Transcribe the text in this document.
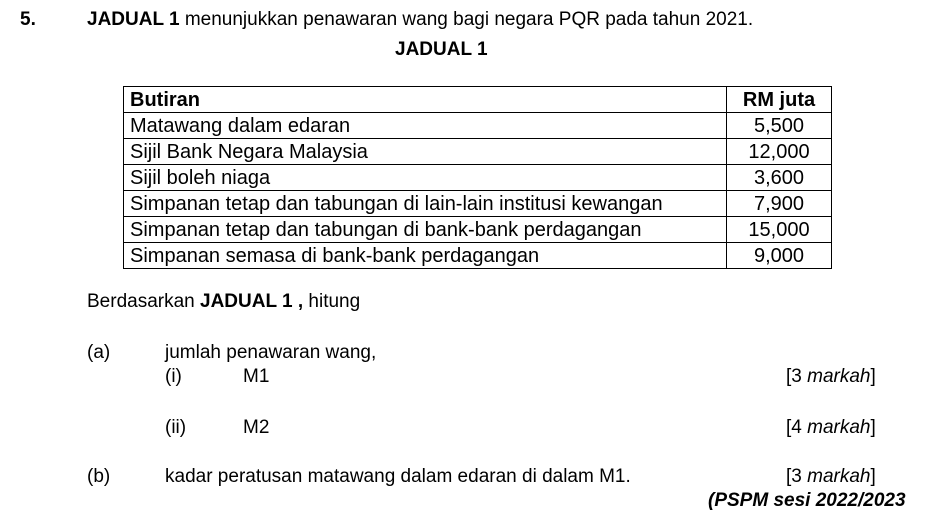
5.	JADUAL 1 menunjukkan penawaran wang bagi negara PQR pada tahun 2021.
JADUAL 1
Butiran	RM juta
Matawang dalam edaran	5,500
Sijil Bank Negara Malaysia	12,000
Sijil boleh niaga	3,600
Simpanan tetap dan tabungan di lain-lain institusi kewangan	7,900
Simpanan tetap dan tabungan di bank-bank perdagangan	15,000
Simpanan semasa di bank-bank perdagangan	9,000
Berdasarkan JADUAL 1 , hitung
(a)	jumlah penawaran wang,
(i)	M1	[3 markah]
(ii)	M2	[4 markah]
(b)	kadar peratusan matawang dalam edaran di dalam M1.	[3 markah]
(PSPM sesi 2022/2023
